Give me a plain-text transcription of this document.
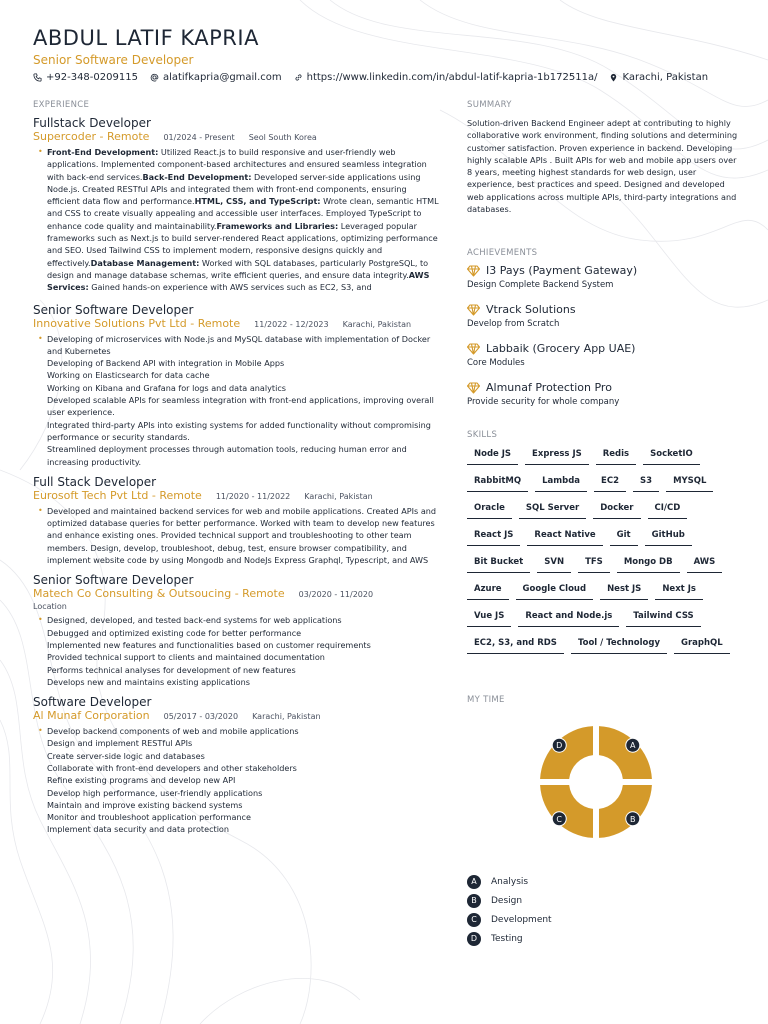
ABDUL LATIF KAPRIA
Senior Software Developer
+92-348-0209115	alatifkapria@gmail.com	https://www.linkedin.com/in/abdul-latif-kapria-1b172511a/	Karachi, Pakistan
EXPERIENCE
Fullstack Developer
Supercoder - Remote 01/2024 - Present Seol South Korea
• Front-End Development: Utilized React.js to build responsive and user-friendly web applications. Implemented component-based architectures and ensured seamless integration with back-end services.Back-End Development: Developed server-side applications using Node.js. Created RESTful APIs and integrated them with front-end components, ensuring efficient data flow and performance.HTML, CSS, and TypeScript: Wrote clean, semantic HTML and CSS to create visually appealing and accessible user interfaces. Employed TypeScript to enhance code quality and maintainability.Frameworks and Libraries: Leveraged popular frameworks such as Next.js to build server-rendered React applications, optimizing performance and SEO. Used Tailwind CSS to implement modern, responsive designs quickly and effectively.Database Management: Worked with SQL databases, particularly PostgreSQL, to design and manage database schemas, write efficient queries, and ensure data integrity.AWS Services: Gained hands-on experience with AWS services such as EC2, S3, and
Senior Software Developer
Innovative Solutions Pvt Ltd - Remote 11/2022 - 12/2023 Karachi, Pakistan
• Developing of microservices with Node.js and MySQL database with implementation of Docker and Kubernetes
Developing of Backend API with integration in Mobile Apps
Working on Elasticsearch for data cache
Working on Kibana and Grafana for logs and data analytics
Developed scalable APIs for seamless integration with front-end applications, improving overall user experience.
Integrated third-party APIs into existing systems for added functionality without compromising performance or security standards.
Streamlined deployment processes through automation tools, reducing human error and increasing productivity.
Full Stack Developer
Eurosoft Tech Pvt Ltd - Remote 11/2020 - 11/2022 Karachi, Pakistan
• Developed and maintained backend services for web and mobile applications. Created APIs and optimized database queries for better performance. Worked with team to develop new features and enhance existing ones. Provided technical support and troubleshooting to other team members. Design, develop, troubleshoot, debug, test, ensure browser compatibility, and implement website code by using Mongodb and NodeJs Express Graphql, Typescript, and AWS
Senior Software Developer
Matech Co Consulting & Outsoucing - Remote 03/2020 - 11/2020
Location
• Designed, developed, and tested back-end systems for web applications
Debugged and optimized existing code for better performance
Implemented new features and functionalities based on customer requirements
Provided technical support to clients and maintained documentation
Performs technical analyses for development of new features
Develops new and maintains existing applications
Software Developer
Al Munaf Corporation 05/2017 - 03/2020 Karachi, Pakistan
• Develop backend components of web and mobile applications
Design and implement RESTful APIs
Create server-side logic and databases
Collaborate with front-end developers and other stakeholders
Refine existing programs and develop new API
Develop high performance, user-friendly applications
Maintain and improve existing backend systems
Monitor and troubleshoot application performance
Implement data security and data protection
SUMMARY
Solution-driven Backend Engineer adept at contributing to highly collaborative work environment, finding solutions and determining customer satisfaction. Proven experience in backend. Developing highly scalable APIs . Built APIs for web and mobile app users over 8 years, meeting highest standards for web design, user experience, best practices and speed. Designed and developed web applications across multiple APIs, third-party integrations and databases.
ACHIEVEMENTS
I3 Pays (Payment Gateway)
Design Complete Backend System
Vtrack Solutions
Develop from Scratch
Labbaik (Grocery App UAE)
Core Modules
Almunaf Protection Pro
Provide security for whole company
SKILLS
Node JS	Express JS	Redis	SocketIO
RabbitMQ	Lambda	EC2	S3	MYSQL
Oracle	SQL Server	Docker	CI/CD
React JS	React Native	Git	GitHub
Bit Bucket	SVN	TFS	Mongo DB	AWS
Azure	Google Cloud	Nest JS	Next Js
Vue JS	React and Node.js	Tailwind CSS
EC2, S3, and RDS	Tool / Technology	GraphQL
MY TIME
A
B
C
D
A	Analysis
B	Design
C	Development
D	Testing
